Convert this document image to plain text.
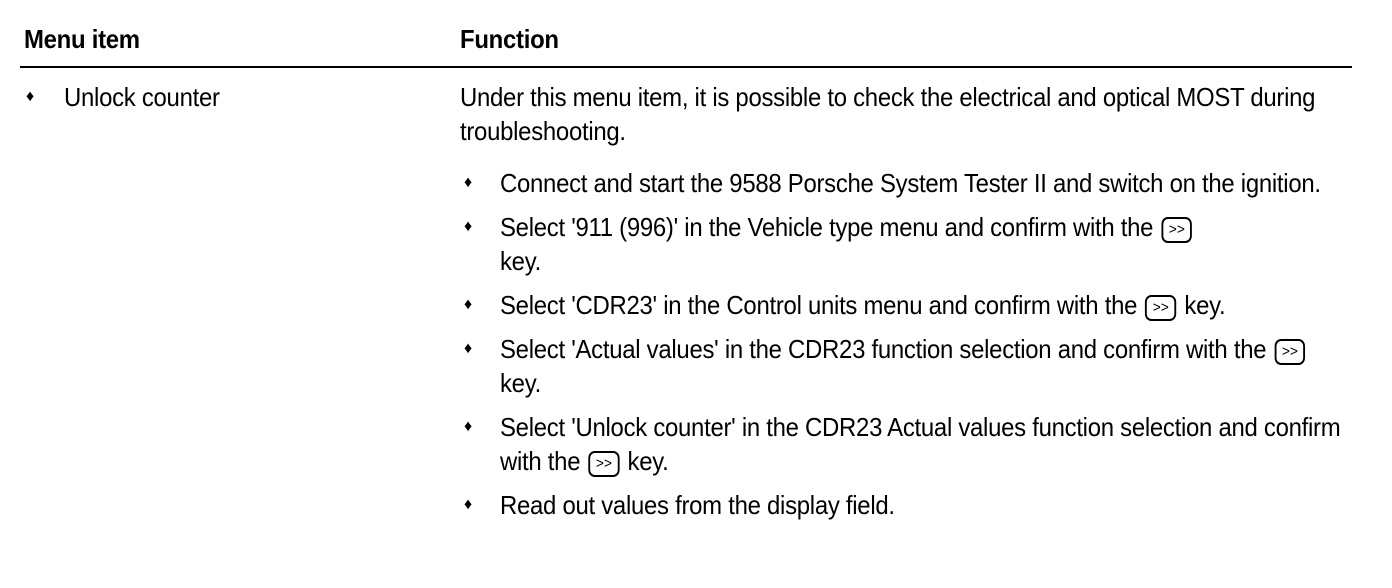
Menu item	Function
♦ Unlock counter	Under this menu item, it is possible to check the electrical and optical MOST during troubleshooting.

♦ Connect and start the 9588 Porsche System Tester II and switch on the ignition.
♦ Select '911 (996)' in the Vehicle type menu and confirm with the >>
key.
♦ Select 'CDR23' in the Control units menu and confirm with the >> key.
♦ Select 'Actual values' in the CDR23 function selection and confirm with the >> key.
♦ Select 'Unlock counter' in the CDR23 Actual values function selection and confirm with the >> key.
♦ Read out values from the display field.
